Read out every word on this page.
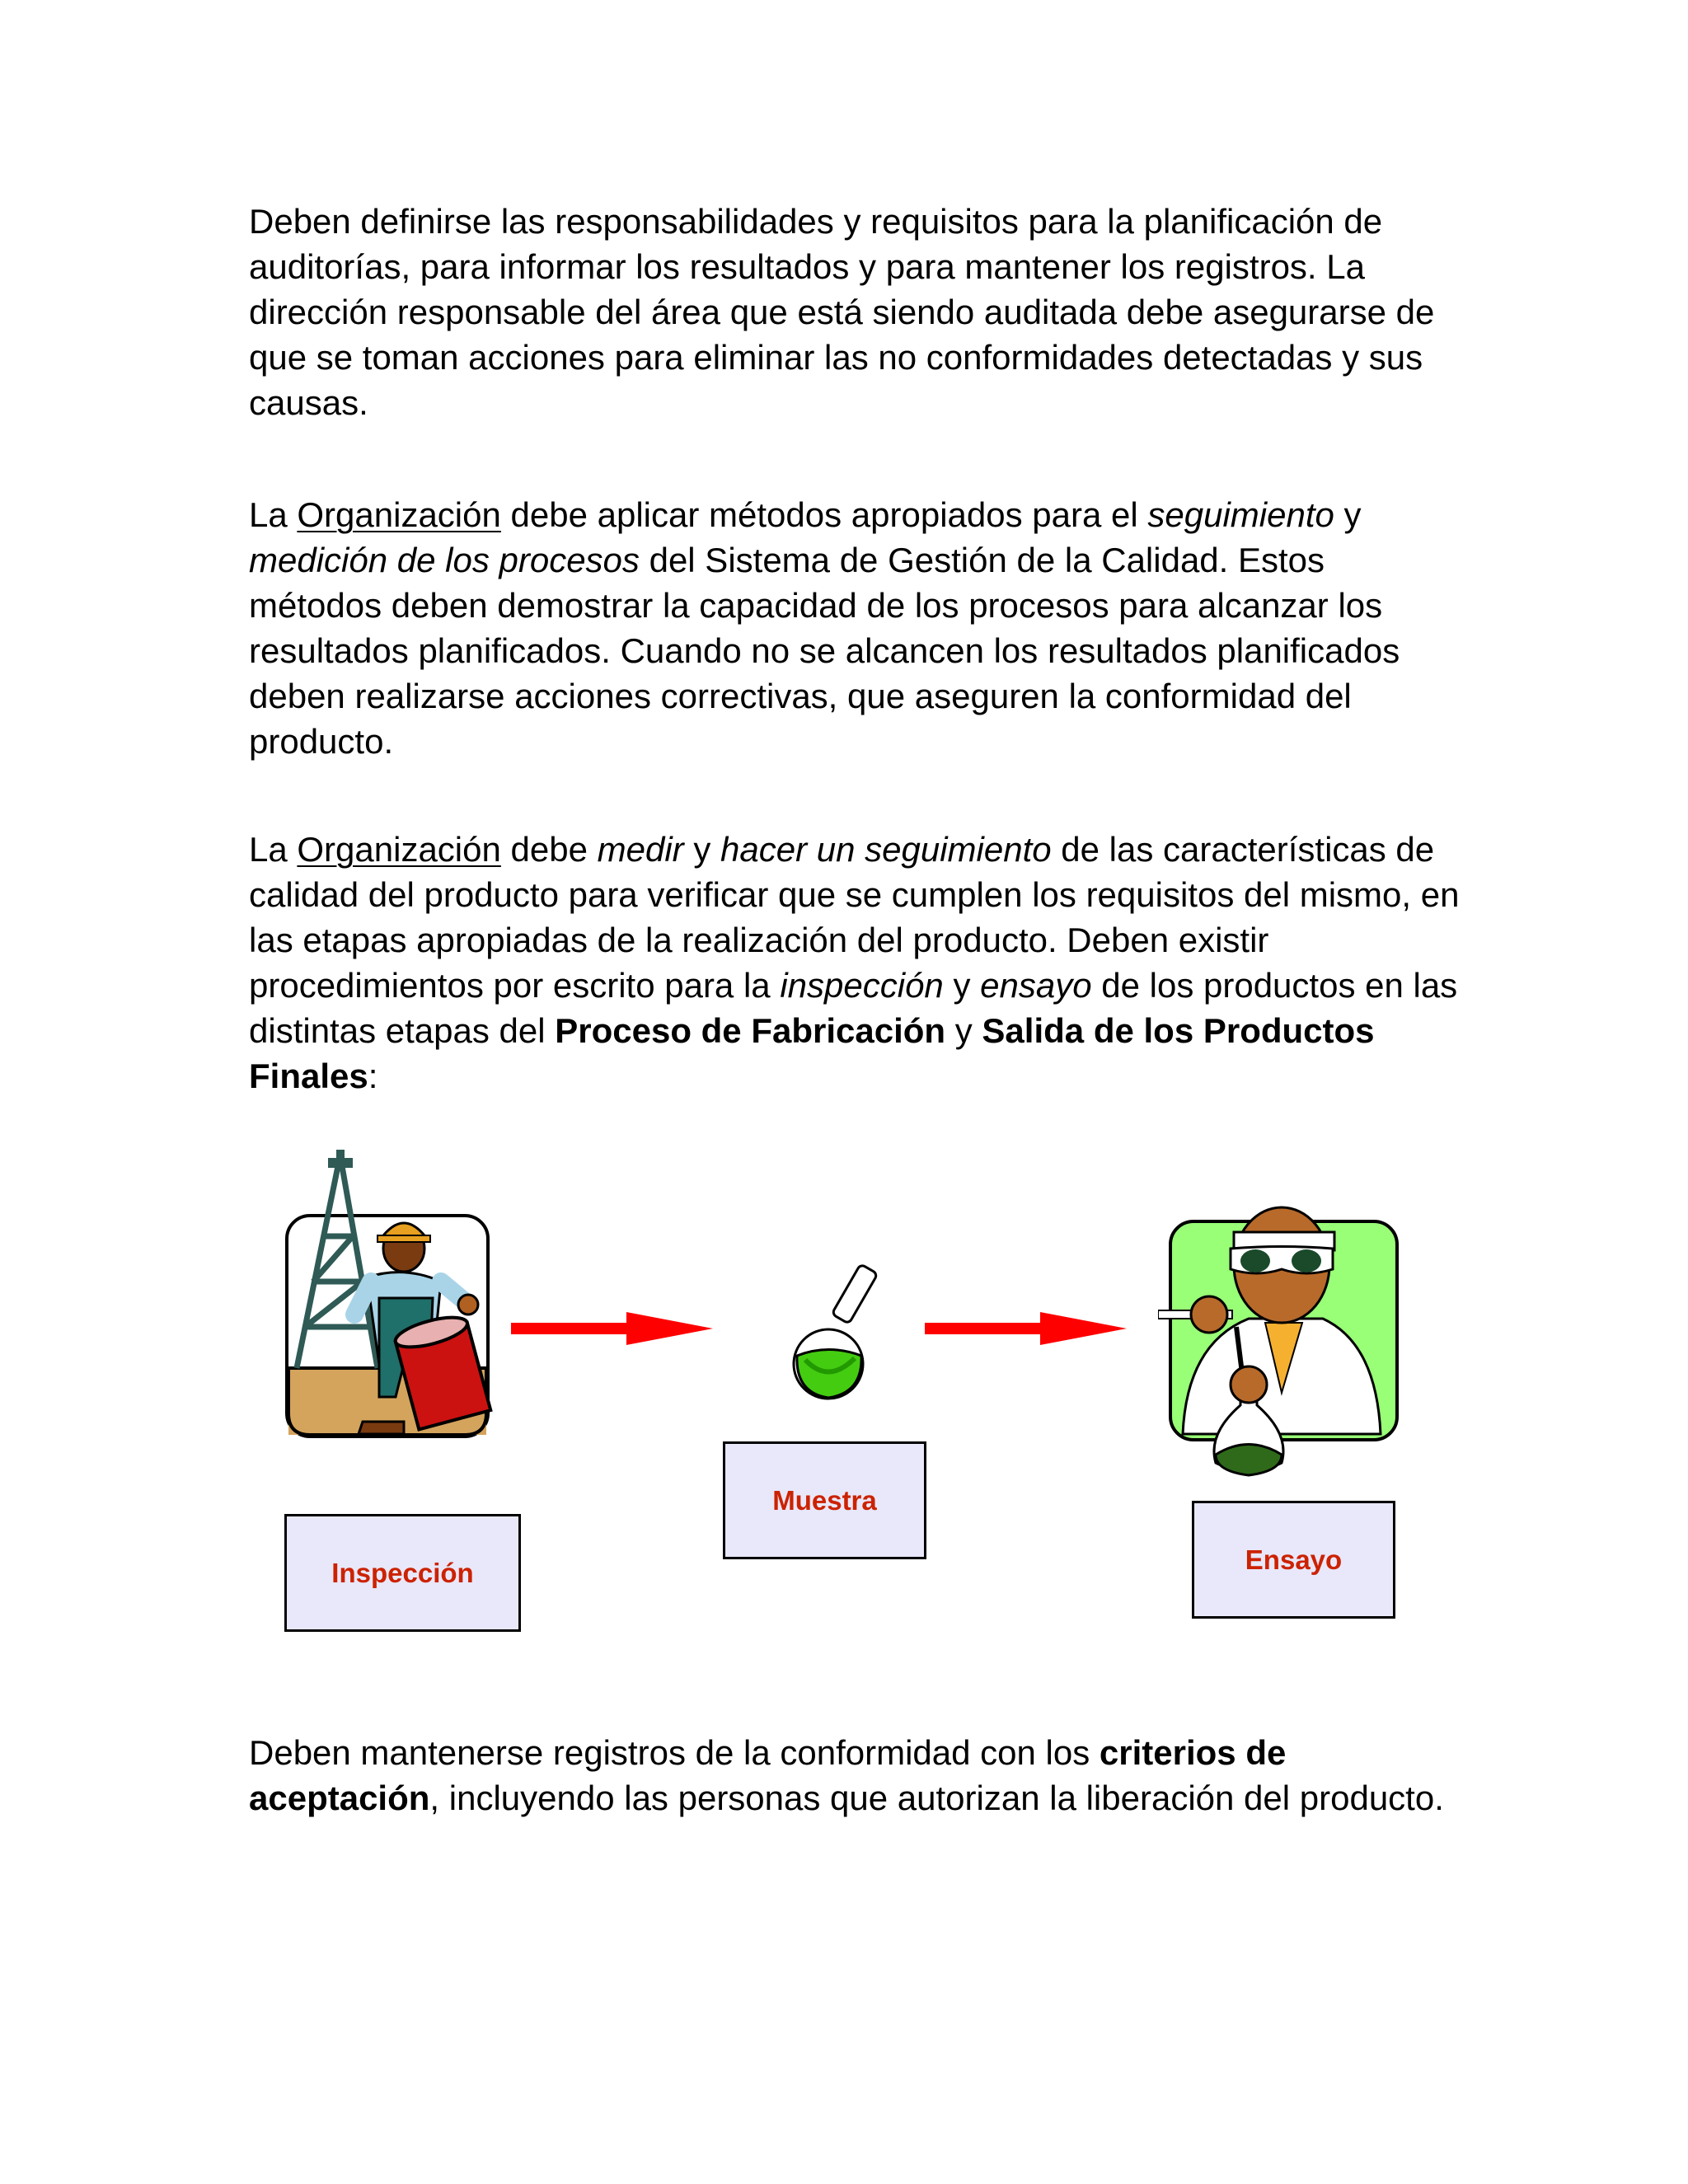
Deben definirse las responsabilidades y requisitos para la planificación de auditorías, para informar los resultados y para mantener los registros. La dirección responsable del área que está siendo auditada debe asegurarse de que se toman acciones para eliminar las no conformidades detectadas y sus causas.

La Organización debe aplicar métodos apropiados para el seguimiento y medición de los procesos del Sistema de Gestión de la Calidad. Estos métodos deben demostrar la capacidad de los procesos para alcanzar los resultados planificados. Cuando no se alcancen los resultados planificados deben realizarse acciones correctivas, que aseguren la conformidad del producto.

La Organización debe medir y hacer un seguimiento de las características de calidad del producto para verificar que se cumplen los requisitos del mismo, en las etapas apropiadas de la realización del producto. Deben existir procedimientos por escrito para la inspección y ensayo de los productos en las distintas etapas del Proceso de Fabricación y Salida de los Productos Finales:

Inspección
Muestra
Ensayo

Deben mantenerse registros de la conformidad con los criterios de aceptación, incluyendo las personas que autorizan la liberación del producto.
